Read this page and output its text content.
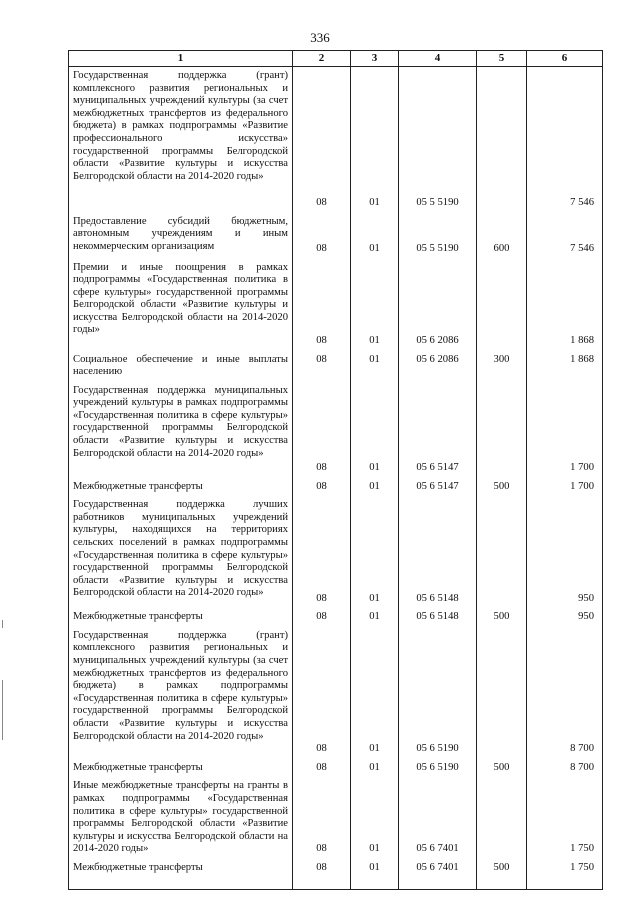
336
1	2	3	4	5	6
Государственная поддержка (грант) комплексного развития региональных и муниципальных учреждений культуры (за счет межбюджетных трансфертов из федерального бюджета) в рамках подпрограммы «Развитие профессионального искусства» государственной программы Белгородской области «Развитие культуры и искусства Белгородской области на 2014-2020 годы»	08	01	05 5 5190		7 546
Предоставление субсидий бюджетным, автономным учреждениям и иным некоммерческим организациям	08	01	05 5 5190	600	7 546
Премии и иные поощрения в рамках подпрограммы «Государственная политика в сфере культуры» государственной программы Белгородской области «Развитие культуры и искусства Белгородской области на 2014-2020 годы»	08	01	05 6 2086		1 868
Социальное обеспечение и иные выплаты населению	08	01	05 6 2086	300	1 868
Государственная поддержка муниципальных учреждений культуры в рамках подпрограммы «Государственная политика в сфере культуры» государственной программы Белгородской области «Развитие культуры и искусства Белгородской области на 2014-2020 годы»	08	01	05 6 5147		1 700
Межбюджетные трансферты	08	01	05 6 5147	500	1 700
Государственная поддержка лучших работников муниципальных учреждений культуры, находящихся на территориях сельских поселений в рамках подпрограммы «Государственная политика в сфере культуры» государственной программы Белгородской области «Развитие культуры и искусства Белгородской области на 2014-2020 годы»	08	01	05 6 5148		950
Межбюджетные трансферты	08	01	05 6 5148	500	950
Государственная поддержка (грант) комплексного развития региональных и муниципальных учреждений культуры (за счет межбюджетных трансфертов из федерального бюджета) в рамках подпрограммы «Государственная политика в сфере культуры» государственной программы Белгородской области «Развитие культуры и искусства Белгородской области на 2014-2020 годы»	08	01	05 6 5190		8 700
Межбюджетные трансферты	08	01	05 6 5190	500	8 700
Иные межбюджетные трансферты на гранты в рамках подпрограммы «Государственная политика в сфере культуры» государственной программы Белгородской области «Развитие культуры и искусства Белгородской области на 2014-2020 годы»	08	01	05 6 7401		1 750
Межбюджетные трансферты	08	01	05 6 7401	500	1 750
